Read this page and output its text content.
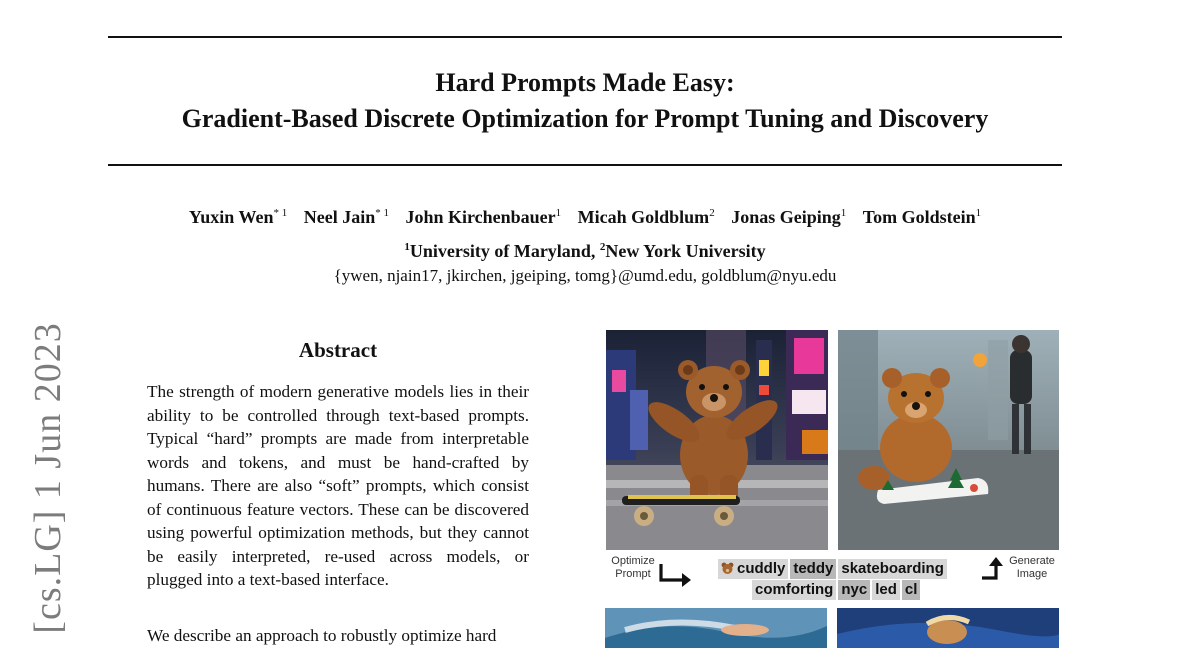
Hard Prompts Made Easy:
Gradient-Based Discrete Optimization for Prompt Tuning and Discovery
Yuxin Wen$^{* 1}$ Neel Jain$^{* 1}$ John Kirchenbauer$^1$ Micah Goldblum$^2$ Jonas Geiping$^1$ Tom Goldstein$^1$
$^1$University of Maryland, $^2$New York University
{ywen, njain17, jkirchen, jgeiping, tomg}@umd.edu, goldblum@nyu.edu
[cs.LG] 1 Jun 2023	Abstract

The strength of modern generative models lies in their ability to be controlled through text-based prompts. Typical “hard” prompts are made from interpretable words and tokens, and must be hand-crafted by humans. There are also “soft” prompts, which consist of continuous feature vectors. These can be discovered using powerful optimization methods, but they cannot be easily interpreted, re-used across models, or plugged into a text-based interface.

We describe an approach to robustly optimize hard

Optimize
Prompt	cuddly teddy skateboarding
comforting nyc led cl
Generate
Image
